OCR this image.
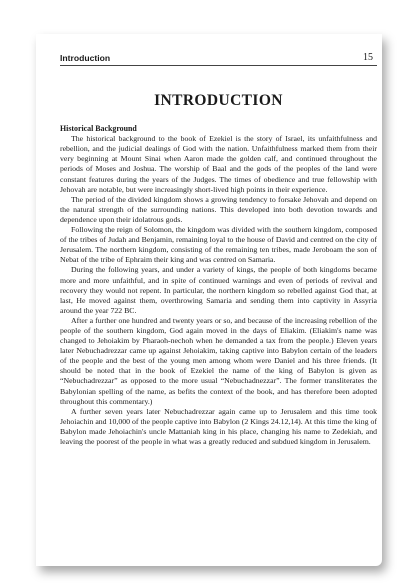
Introduction	15
INTRODUCTION

Historical Background

The historical background to the book of Ezekiel is the story of Israel, its unfaithfulness and rebellion, and the judicial dealings of God with the nation. Unfaithfulness marked them from their very beginning at Mount Sinai when Aaron made the golden calf, and continued throughout the periods of Moses and Joshua. The worship of Baal and the gods of the peoples of the land were constant features during the years of the Judges. The times of obedience and true fellowship with Jehovah are notable, but were increasingly short-lived high points in their experience.

The period of the divided kingdom shows a growing tendency to forsake Jehovah and depend on the natural strength of the surrounding nations. This developed into both devotion towards and dependence upon their idolatrous gods.

Following the reign of Solomon, the kingdom was divided with the southern kingdom, composed of the tribes of Judah and Benjamin, remaining loyal to the house of David and centred on the city of Jerusalem. The northern kingdom, consisting of the remaining ten tribes, made Jeroboam the son of Nebat of the tribe of Ephraim their king and was centred on Samaria.

During the following years, and under a variety of kings, the people of both kingdoms became more and more unfaithful, and in spite of continued warnings and even of periods of revival and recovery they would not repent. In particular, the northern kingdom so rebelled against God that, at last, He moved against them, overthrowing Samaria and sending them into captivity in Assyria around the year 722 BC.

After a further one hundred and twenty years or so, and because of the increasing rebellion of the people of the southern kingdom, God again moved in the days of Eliakim. (Eliakim's name was changed to Jehoiakim by Pharaoh-nechoh when he demanded a tax from the people.) Eleven years later Nebuchadrezzar came up against Jehoiakim, taking captive into Babylon certain of the leaders of the people and the best of the young men among whom were Daniel and his three friends. (It should be noted that in the book of Ezekiel the name of the king of Babylon is given as “Nebuchadrezzar” as opposed to the more usual “Nebuchadnezzar”. The former transliterates the Babylonian spelling of the name, as befits the context of the book, and has therefore been adopted throughout this commentary.)

A further seven years later Nebuchadrezzar again came up to Jerusalem and this time took Jehoiachin and 10,000 of the people captive into Babylon (2 Kings 24.12,14). At this time the king of Babylon made Jehoiachin's uncle Mattaniah king in his place, changing his name to Zedekiah, and leaving the poorest of the people in what was a greatly reduced and subdued kingdom in Jerusalem.
